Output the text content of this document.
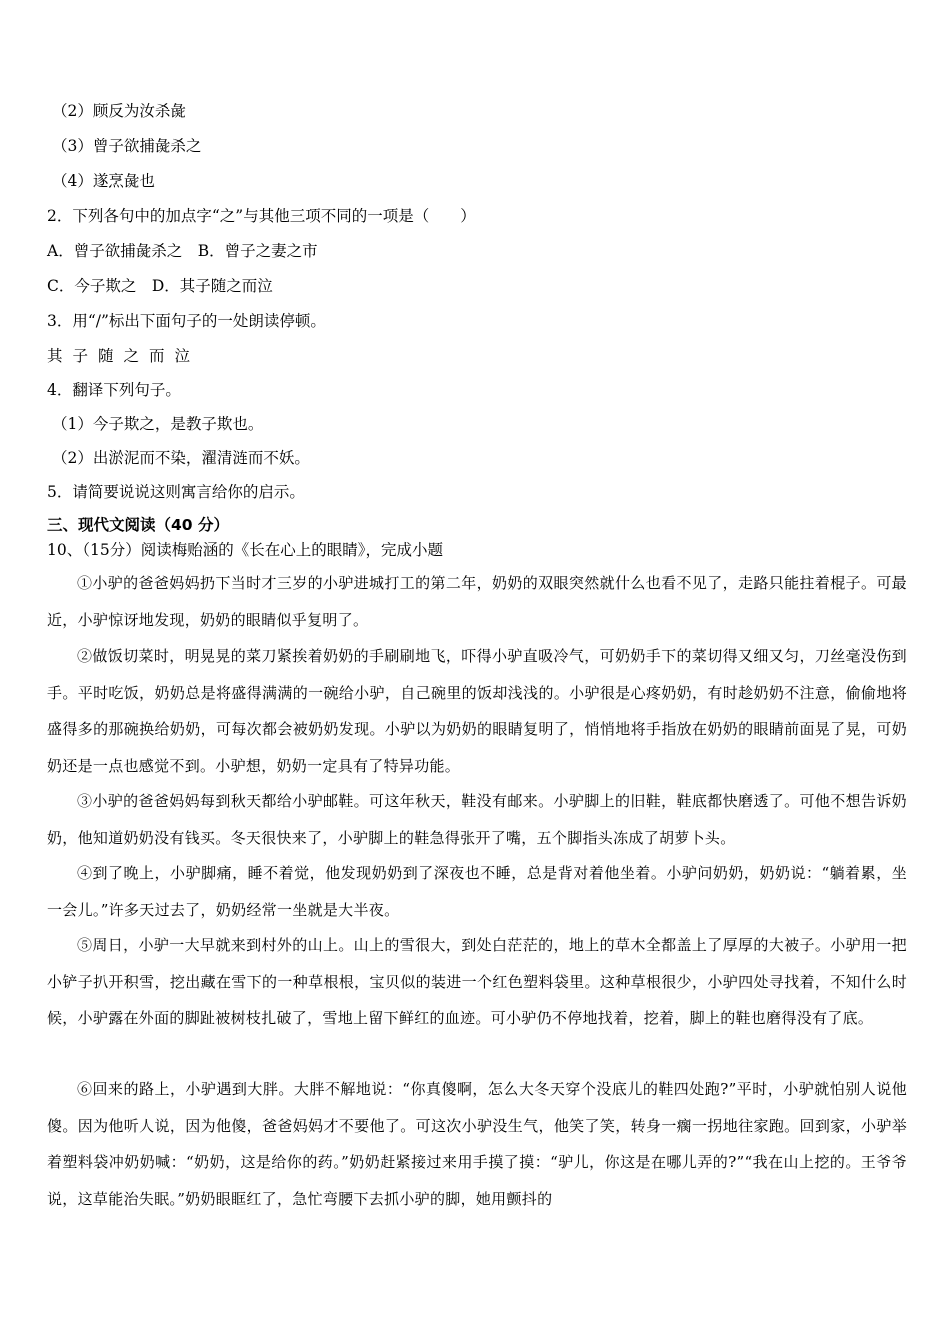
（2）顾反为汝杀彘
（3）曾子欲捕彘杀之
（4）遂烹彘也
2．下列各句中的加点字“之”与其他三项不同的一项是（　　）
A．曾子欲捕彘杀之　B．曾子之妻之市
C．今子欺之　D．其子随之而泣
3．用“/”标出下面句子的一处朗读停顿。
其子随之而泣
4．翻译下列句子。
（1）今子欺之，是教子欺也。
（2）出淤泥而不染，濯清涟而不妖。
5．请简要说说这则寓言给你的启示。
三、现代文阅读（40 分）
10、（15分）阅读梅贻涵的《长在心上的眼睛》，完成小题
①小驴的爸爸妈妈扔下当时才三岁的小驴进城打工的第二年，奶奶的双眼突然就什么也看不见了，走路只能拄着棍子。可最近，小驴惊讶地发现，奶奶的眼睛似乎复明了。
②做饭切菜时，明晃晃的菜刀紧挨着奶奶的手刷刷地飞，吓得小驴直吸冷气，可奶奶手下的菜切得又细又匀，刀丝毫没伤到手。平时吃饭，奶奶总是将盛得满满的一碗给小驴，自己碗里的饭却浅浅的。小驴很是心疼奶奶，有时趁奶奶不注意，偷偷地将盛得多的那碗换给奶奶，可每次都会被奶奶发现。小驴以为奶奶的眼睛复明了，悄悄地将手指放在奶奶的眼睛前面晃了晃，可奶奶还是一点也感觉不到。小驴想，奶奶一定具有了特异功能。
③小驴的爸爸妈妈每到秋天都给小驴邮鞋。可这年秋天，鞋没有邮来。小驴脚上的旧鞋，鞋底都快磨透了。可他不想告诉奶奶，他知道奶奶没有钱买。冬天很快来了，小驴脚上的鞋急得张开了嘴，五个脚指头冻成了胡萝卜头。
④到了晚上，小驴脚痛，睡不着觉，他发现奶奶到了深夜也不睡，总是背对着他坐着。小驴问奶奶，奶奶说：“躺着累，坐一会儿。”许多天过去了，奶奶经常一坐就是大半夜。
⑤周日，小驴一大早就来到村外的山上。山上的雪很大，到处白茫茫的，地上的草木全都盖上了厚厚的大被子。小驴用一把小铲子扒开积雪，挖出藏在雪下的一种草根根，宝贝似的装进一个红色塑料袋里。这种草根很少，小驴四处寻找着，不知什么时候，小驴露在外面的脚趾被树枝扎破了，雪地上留下鲜红的血迹。可小驴仍不停地找着，挖着，脚上的鞋也磨得没有了底。
⑥回来的路上，小驴遇到大胖。大胖不解地说：“你真傻啊，怎么大冬天穿个没底儿的鞋四处跑?”平时，小驴就怕别人说他傻。因为他听人说，因为他傻，爸爸妈妈才不要他了。可这次小驴没生气，他笑了笑，转身一瘸一拐地往家跑。回到家，小驴举着塑料袋冲奶奶喊：“奶奶，这是给你的药。”奶奶赶紧接过来用手摸了摸：“驴儿，你这是在哪儿弄的?”“我在山上挖的。王爷爷说，这草能治失眠。”奶奶眼眶红了，急忙弯腰下去抓小驴的脚，她用颤抖的
